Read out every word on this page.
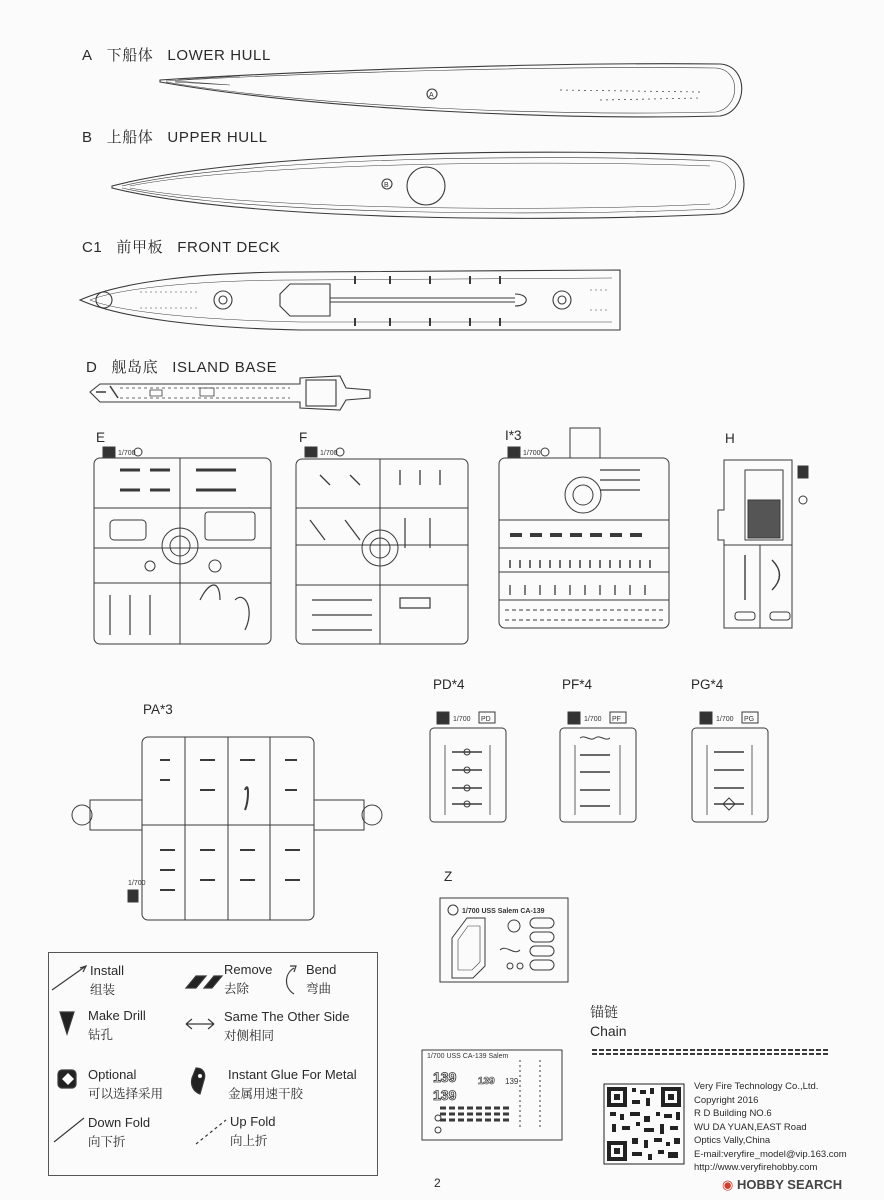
A 下船体 LOWER HULL
B 上船体 UPPER HULL
C1 前甲板 FRONT DECK
D 舰岛底 ISLAND BASE
A
B
E	F	I*3	H
PA*3
PD*4	PF*4	PG*4
Z
1/700	1/700	1/700
1/700
1/700 PD	1/700 PF	1/700 PG
1/700 USS Salem CA-139
1/700 USS CA-139 Salem
139
139
139 139
锚链
Chain
Install
组装
Remove
去除
Bend
弯曲
Make Drill
钻孔
Same The Other Side
对侧相同
Optional
可以选择采用
Instant Glue For Metal
金属用速干胶
Down Fold
向下折
Up Fold
向上折
Very Fire Technology Co.,Ltd.
Copyright 2016
R D Building NO.6
WU DA YUAN,EAST Road
Optics Vally,China
E-mail:veryfire_model@vip.163.com
http://www.veryfirehobby.com
2	◉ HOBBY SEARCH
